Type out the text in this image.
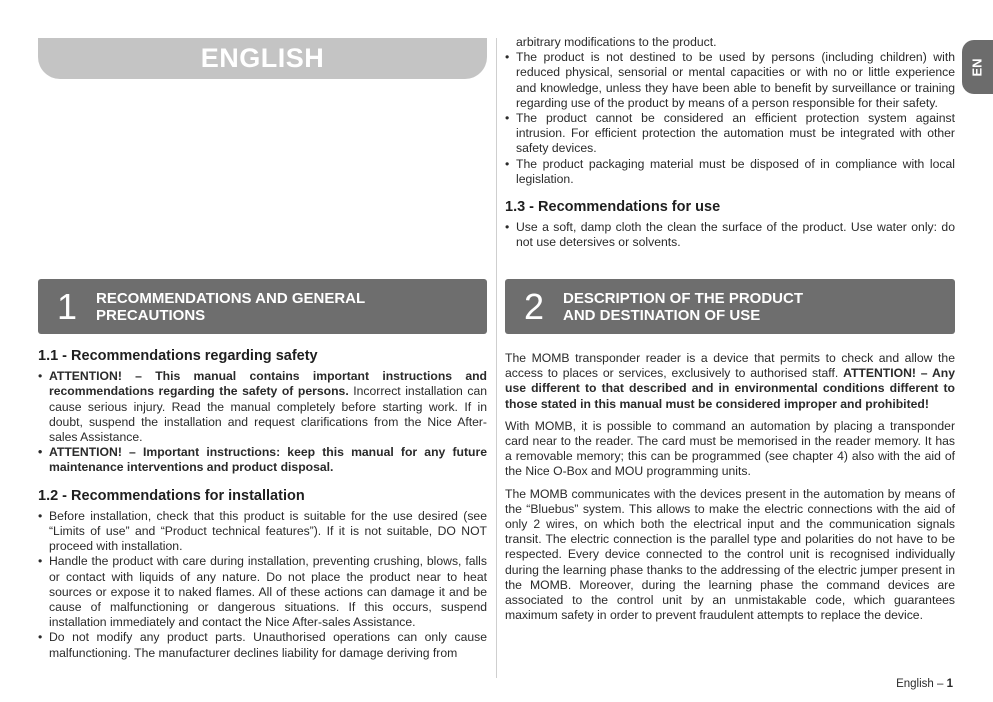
ENGLISH	EN
arbitrary modifications to the product.
• The product is not destined to be used by persons (including children) with reduced physical, sensorial or mental capacities or with no or little experience and knowledge, unless they have been able to benefit by surveillance or training regarding use of the product by means of a person responsible for their safety.
• The product cannot be considered an efficient protection system against intrusion. For efficient protection the automation must be integrated with other safety devices.
• The product packaging material must be disposed of in compliance with local legislation.
1.3 - Recommendations for use
• Use a soft, damp cloth the clean the surface of the product. Use water only: do not use detersives or solvents.
1	RECOMMENDATIONS AND GENERAL
PRECAUTIONS	2	DESCRIPTION OF THE PRODUCT
AND DESTINATION OF USE
1.1 - Recommendations regarding safety
• ATTENTION! – This manual contains important instructions and recommendations regarding the safety of persons. Incorrect installation can cause serious injury. Read the manual completely before starting work. If in doubt, suspend the installation and request clarifications from the Nice After-sales Assistance.
• ATTENTION! – Important instructions: keep this manual for any future maintenance interventions and product disposal.
1.2 - Recommendations for installation
• Before installation, check that this product is suitable for the use desired (see “Limits of use” and “Product technical features”). If it is not suitable, DO NOT proceed with installation.
• Handle the product with care during installation, preventing crushing, blows, falls or contact with liquids of any nature. Do not place the product near to heat sources or expose it to naked flames. All of these actions can damage it and be cause of malfunctioning or dangerous situations. If this occurs, suspend installation immediately and contact the Nice After-sales Assistance.
• Do not modify any product parts. Unauthorised operations can only cause malfunctioning. The manufacturer declines liability for damage deriving from

The MOMB transponder reader is a device that permits to check and allow the access to places or services, exclusively to authorised staff. ATTENTION! – Any use different to that described and in environmental conditions different to those stated in this manual must be considered improper and prohibited!

With MOMB, it is possible to command an automation by placing a transponder card near to the reader. The card must be memorised in the reader memory. It has a removable memory; this can be programmed (see chapter 4) also with the aid of the Nice O-Box and MOU programming units.

The MOMB communicates with the devices present in the automation by means of the “Bluebus” system. This allows to make the electric connections with the aid of only 2 wires, on which both the electrical input and the communication signals transit. The electric connection is the parallel type and polarities do not have to be respected. Every device connected to the control unit is recognised individually during the learning phase thanks to the addressing of the electric jumper present in the MOMB. Moreover, during the learning phase the command devices are associated to the control unit by an unmistakable code, which guarantees maximum safety in order to prevent fraudulent attempts to replace the device.

English – 1
